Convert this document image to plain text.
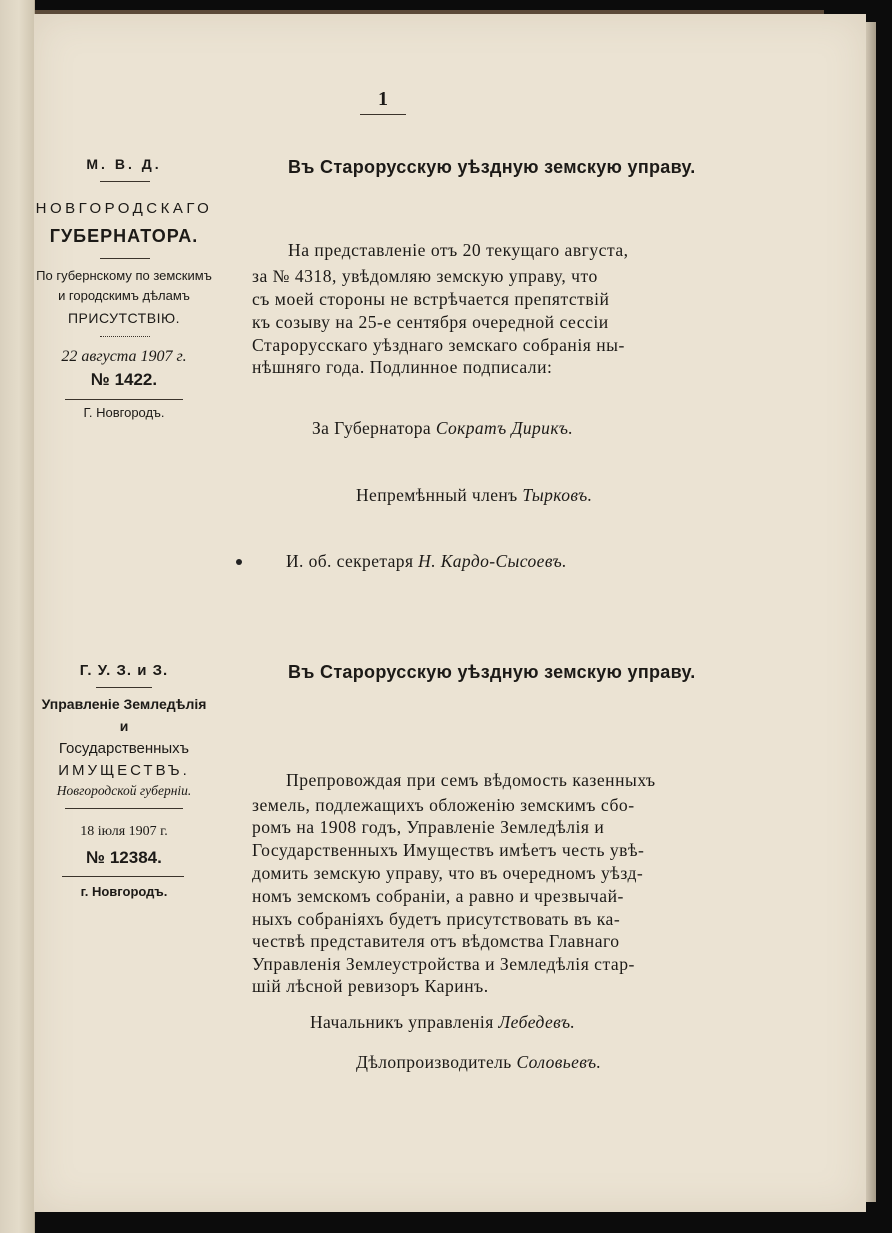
1
М. В. Д.
НОВГОРОДСКАГО
ГУБЕРНАТОРА.
По губернскому по земскимъ
и городскимъ дѣламъ
ПРИСУТСТВІЮ.
22 августа 1907 г.
№ 1422.
Г. Новгородъ.
Въ Старорусскую уѣздную земскую управу.
На представленіе отъ 20 текущаго августа,
за № 4318, увѣдомляю земскую управу, что
съ моей стороны не встрѣчается препятствій
къ созыву на 25-е сентября очередной сессіи
Старорусскаго уѣзднаго земскаго собранія ны-
нѣшняго года. Подлинное подписали:
За Губернатора Сократъ Дирикъ.
Непремѣнный членъ Тырковъ.
И. об. секретаря Н. Кардо-Сысоевъ.
Г. У. З. и З.
Управленіе Земледѣлія
и
Государственныхъ
ИМУЩЕСТВЪ.
Новгородской губерніи.
18 іюля 1907 г.
№ 12384.
г. Новгородъ.
Въ Старорусскую уѣздную земскую управу.
Препровождая при семъ вѣдомость казенныхъ
земель, подлежащихъ обложенію земскимъ сбо-
ромъ на 1908 годъ, Управленіе Земледѣлія и
Государственныхъ Имуществъ имѣетъ честь увѣ-
домить земскую управу, что въ очередномъ уѣзд-
номъ земскомъ собраніи, а равно и чрезвычай-
ныхъ собраніяхъ будетъ присутствовать въ ка-
чествѣ представителя отъ вѣдомства Главнаго
Управленія Землеустройства и Земледѣлія стар-
шій лѣсной ревизоръ Каринъ.
Начальникъ управленія Лебедевъ.
Дѣлопроизводитель Соловьевъ.
